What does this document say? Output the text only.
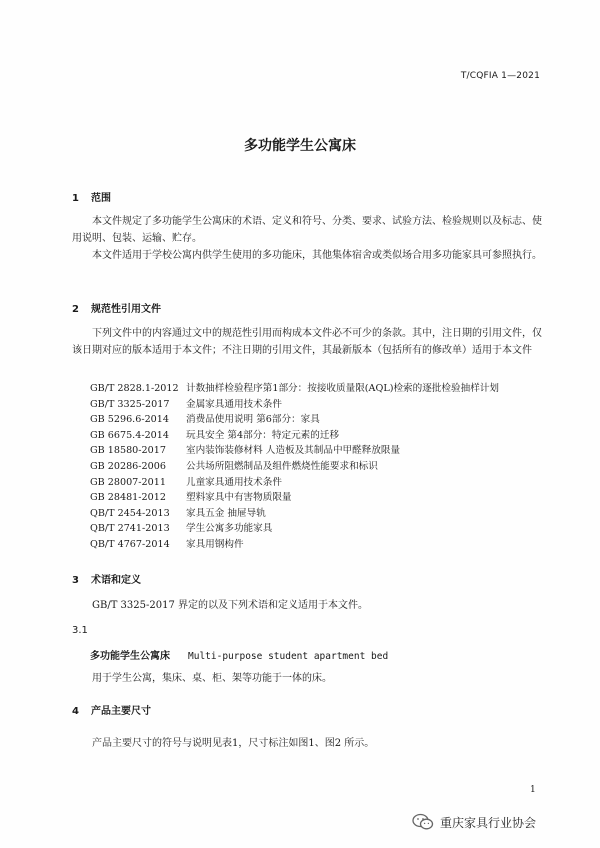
T/CQFIA 1—2021
多功能学生公寓床
1 范围

本文件规定了多功能学生公寓床的术语、定义和符号、分类、要求、试验方法、检验规则以及标志、使用说明、包装、运输、贮存。

本文件适用于学校公寓内供学生使用的多功能床，其他集体宿舍或类似场合用多功能家具可参照执行。

2 规范性引用文件

下列文件中的内容通过文中的规范性引用而构成本文件必不可少的条款。其中，注日期的引用文件，仅该日期对应的版本适用于本文件；不注日期的引用文件，其最新版本（包括所有的修改单）适用于本文件

GB/T 2828.1-2012 计数抽样检验程序第1部分：按接收质量限(AQL)检索的逐批检验抽样计划
GB/T 3325-2017 金属家具通用技术条件
GB 5296.6-2014 消费品使用说明 第6部分：家具
GB 6675.4-2014 玩具安全 第4部分：特定元素的迁移
GB 18580-2017 室内装饰装修材料 人造板及其制品中甲醛释放限量
GB 20286-2006 公共场所阻燃制品及组件燃烧性能要求和标识
GB 28007-2011 儿童家具通用技术条件
GB 28481-2012 塑料家具中有害物质限量
QB/T 2454-2013 家具五金 抽屉导轨
QB/T 2741-2013 学生公寓多功能家具
QB/T 4767-2014 家具用钢构件
3 术语和定义

GB/T 3325-2017 界定的以及下列术语和定义适用于本文件。

3.1
多功能学生公寓床 Multi-purpose student apartment bed

用于学生公寓，集床、桌、柜、架等功能于一体的床。

4 产品主要尺寸

产品主要尺寸的符号与说明见表1，尺寸标注如图1、图2 所示。

1
重庆家具行业协会
